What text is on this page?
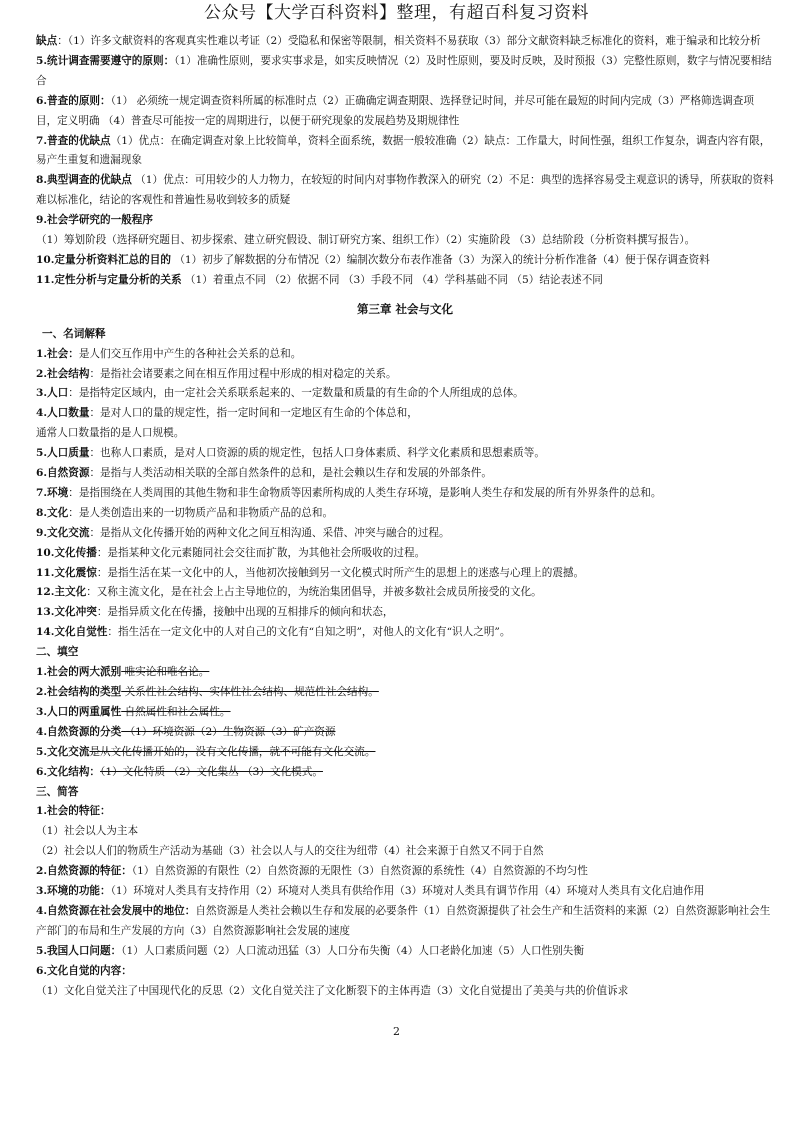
公众号【大学百科资料】整理，有超百科复习资料
缺点：（1）许多文献资料的客观真实性难以考证（2）受隐私和保密等限制，相关资料不易获取（3）部分文献资料缺乏标准化的资料，难于编录和比较分析
5.统计调查需要遵守的原则：（1）准确性原则，要求实事求是，如实反映情况（2）及时性原则，要及时反映，及时预报（3）完整性原则，数字与情况要相结合
6.普查的原则：（1） 必须统一规定调查资料所属的标准时点（2）正确确定调查期限、选择登记时间，并尽可能在最短的时间内完成（3）严格筛选调查项目，定义明确 （4）普查尽可能按一定的周期进行，以便于研究现象的发展趋势及期规律性
7.普查的优缺点（1）优点：在确定调查对象上比较简单，资料全面系统，数据一般较准确（2）缺点：工作量大，时间性强，组织工作复杂，调查内容有限，易产生重复和遗漏现象
8.典型调查的优缺点 （1）优点：可用较少的人力物力，在较短的时间内对事物作教深入的研究（2）不足：典型的选择容易受主观意识的诱导，所获取的资料难以标准化，结论的客观性和普遍性易收到较多的质疑
9.社会学研究的一般程序
（1）筹划阶段（选择研究题目、初步探索、建立研究假设、制订研究方案、组织工作）（2）实施阶段 （3）总结阶段（分析资料撰写报告）。
10.定量分析资料汇总的目的 （1）初步了解数据的分布情况（2）编制次数分布表作准备（3）为深入的统计分析作准备（4）便于保存调查资料
11.定性分析与定量分析的关系 （1）着重点不同 （2）依据不同 （3）手段不同 （4）学科基础不同 （5）结论表述不同
第三章 社会与文化
一、名词解释
1.社会：是人们交互作用中产生的各种社会关系的总和。
2.社会结构：是指社会诸要素之间在相互作用过程中形成的相对稳定的关系。
3.人口：是指特定区域内，由一定社会关系联系起来的、一定数量和质量的有生命的个人所组成的总体。
4.人口数量：是对人口的量的规定性，指一定时间和一定地区有生命的个体总和，
通常人口数量指的是人口规模。
5.人口质量：也称人口素质，是对人口资源的质的规定性，包括人口身体素质、科学文化素质和思想素质等。
6.自然资源：是指与人类活动相关联的全部自然条件的总和，是社会赖以生存和发展的外部条件。
7.环境：是指围绕在人类周围的其他生物和非生命物质等因素所构成的人类生存环境，是影响人类生存和发展的所有外界条件的总和。
8.文化：是人类创造出来的一切物质产品和非物质产品的总和。
9.文化交流：是指从文化传播开始的两种文化之间互相沟通、采借、冲突与融合的过程。
10.文化传播：是指某种文化元素随同社会交往而扩散，为其他社会所吸收的过程。
11.文化震惊：是指生活在某一文化中的人，当他初次接触到另一文化模式时所产生的思想上的迷惑与心理上的震撼。
12.主文化：又称主流文化，是在社会上占主导地位的，为统治集团倡导，并被多数社会成员所接受的文化。
13.文化冲突：是指异质文化在传播，接触中出现的互相排斥的倾向和状态，
14.文化自觉性：指生活在一定文化中的人对自己的文化有“自知之明”，对他人的文化有“识人之明”。
二、填空
1.社会的两大派别 唯实论和唯名论。
2.社会结构的类型 关系性社会结构、实体性社会结构、规范性社会结构。
3.人口的两重属性 自然属性和社会属性。
4.自然资源的分类 （1）环境资源（2）生物资源（3）矿产资源
5.文化交流是从文化传播开始的，没有文化传播，就不可能有文化交流。
6.文化结构：（1）文化特质 （2）文化集丛 （3）文化模式。
三、简答
1.社会的特征：
（1）社会以人为主本
（2）社会以人们的物质生产活动为基础（3）社会以人与人的交往为纽带（4）社会来源于自然又不同于自然
2.自然资源的特征：（1）自然资源的有限性（2）自然资源的无限性（3）自然资源的系统性（4）自然资源的不均匀性
3.环境的功能：（1）环境对人类具有支持作用（2）环境对人类具有供给作用（3）环境对人类具有调节作用（4）环境对人类具有文化启迪作用
4.自然资源在社会发展中的地位：自然资源是人类社会赖以生存和发展的必要条件（1）自然资源提供了社会生产和生活资料的来源（2）自然资源影响社会生产部门的布局和生产发展的方向（3）自然资源影响社会发展的速度
5.我国人口问题：（1）人口素质问题（2）人口流动迅猛（3）人口分布失衡（4）人口老龄化加速（5）人口性别失衡
6.文化自觉的内容：
（1）文化自觉关注了中国现代化的反思（2）文化自觉关注了文化断裂下的主体再造（3）文化自觉提出了美美与共的价值诉求
2
